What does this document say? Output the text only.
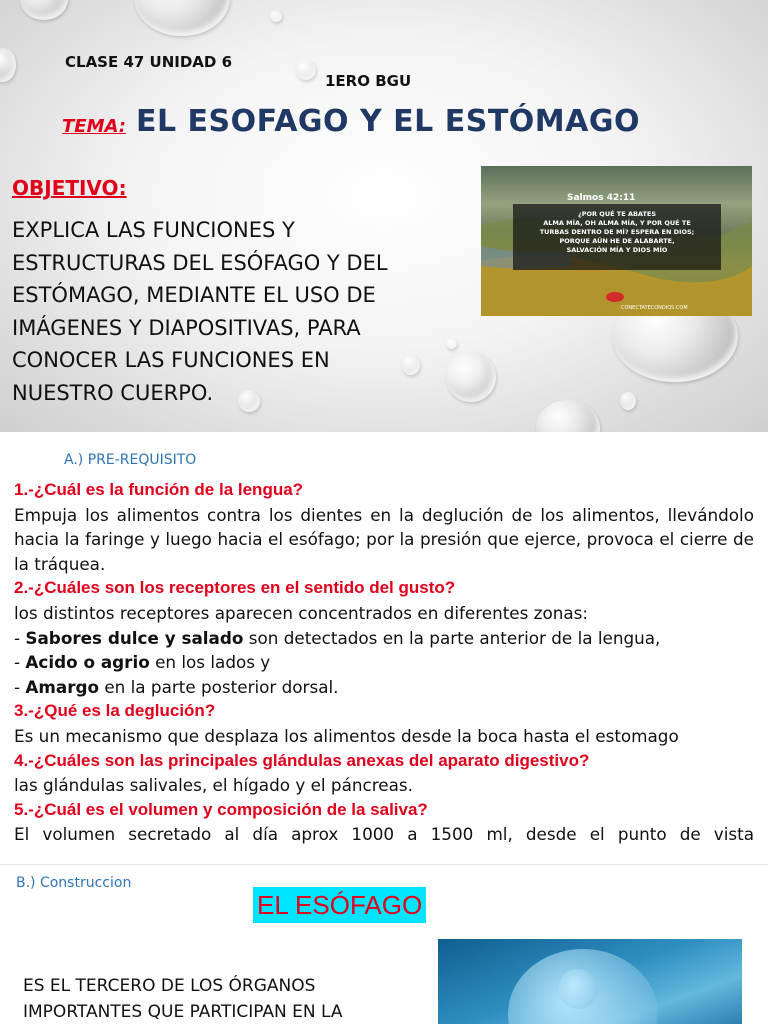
CLASE 47 UNIDAD 6
1ERO BGU
TEMA: EL ESOFAGO Y EL ESTÓMAGO
OBJETIVO:
EXPLICA LAS FUNCIONES Y ESTRUCTURAS DEL ESÓFAGO Y DEL ESTÓMAGO, MEDIANTE EL USO DE IMÁGENES Y DIAPOSITIVAS, PARA CONOCER LAS FUNCIONES EN NUESTRO CUERPO.
Salmos 42:11
¿POR QUÉ TE ABATES
ALMA MÍA, OH ALMA MÍA, Y POR QUÉ TE
TURBAS DENTRO DE MÍ? ESPERA EN DIOS;
PORQUE AÚN HE DE ALABARTE,
SALVACIÓN MÍA Y DIOS MÍO
CONECTATECONDIOS.COM
A.) PRE-REQUISITO
1.-¿Cuál es la función de la lengua?
Empuja los alimentos contra los dientes en la deglución de los alimentos, llevándolo hacia la faringe y luego hacia el esófago; por la presión que ejerce, provoca el cierre de la tráquea.
2.-¿Cuáles son los receptores en el sentido del gusto?
los distintos receptores aparecen concentrados en diferentes zonas:
- Sabores dulce y salado son detectados en la parte anterior de la lengua,
- Acido o agrio en los lados y
- Amargo en la parte posterior dorsal.
3.-¿Qué es la deglución?
Es un mecanismo que desplaza los alimentos desde la boca hasta el estomago
4.-¿Cuáles son las principales glándulas anexas del aparato digestivo?
las glándulas salivales, el hígado y el páncreas.
5.-¿Cuál es el volumen y composición de la saliva?
El volumen secretado al día aprox 1000 a 1500 ml, desde el punto de vista
B.) Construccion
EL ESÓFAGO
ES EL TERCERO DE LOS ÓRGANOS IMPORTANTES QUE PARTICIPAN EN LA
